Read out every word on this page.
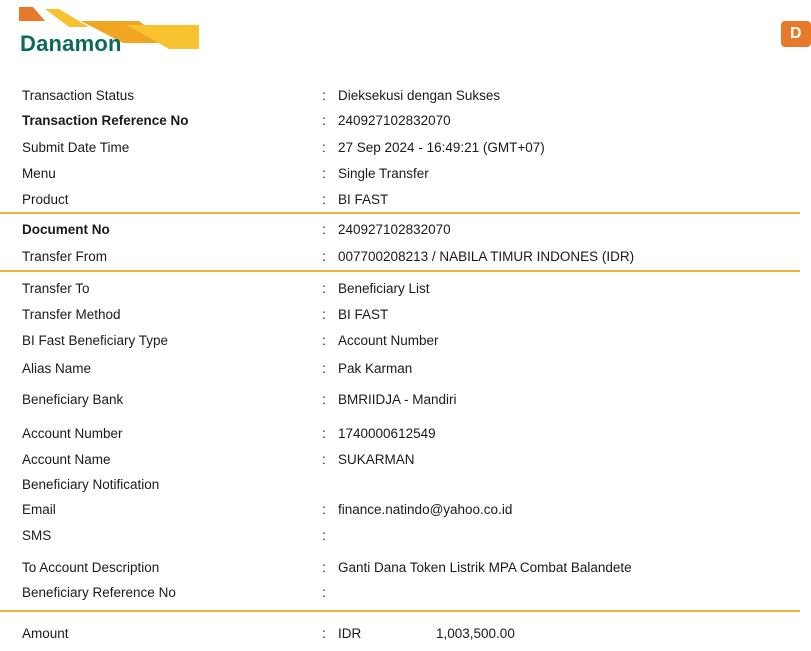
Danamon	D
Transaction Status	: Dieksekusi dengan Sukses
Transaction Reference No	: 240927102832070
Submit Date Time	: 27 Sep 2024 - 16:49:21 (GMT+07)
Menu	: Single Transfer
Product	: BI FAST
Document No	: 240927102832070
Transfer From	: 007700208213 / NABILA TIMUR INDONES (IDR)
Transfer To	: Beneficiary List
Transfer Method	: BI FAST
BI Fast Beneficiary Type	: Account Number
Alias Name	: Pak Karman
Beneficiary Bank	: BMRIIDJA - Mandiri
Account Number	: 1740000612549
Account Name	: SUKARMAN
Beneficiary Notification
Email	: finance.natindo@yahoo.co.id
SMS	:
To Account Description	: Ganti Dana Token Listrik MPA Combat Balandete
Beneficiary Reference No	:
Amount	: IDR	1,003,500.00
